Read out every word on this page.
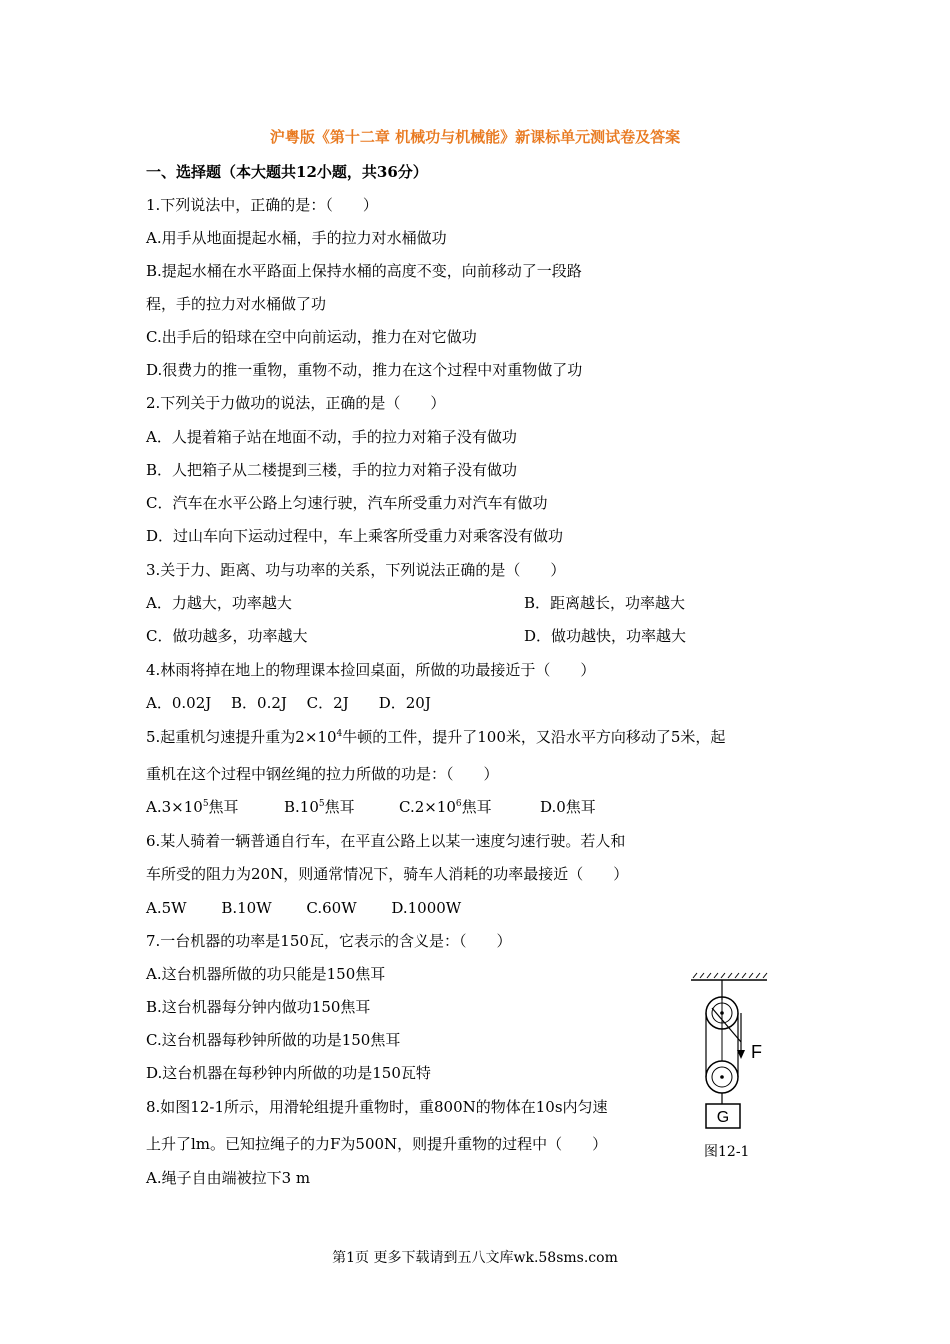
沪粤版《第十二章 机械功与机械能》新课标单元测试卷及答案
一、选择题（本大题共12小题，共36分）
1.下列说法中，正确的是：（　　）
A.用手从地面提起水桶，手的拉力对水桶做功
B.提起水桶在水平路面上保持水桶的高度不变，向前移动了一段路
程，手的拉力对水桶做了功
C.出手后的铅球在空中向前运动，推力在对它做功
D.很费力的推一重物，重物不动，推力在这个过程中对重物做了功
2.下列关于力做功的说法，正确的是（　　）
A．人提着箱子站在地面不动，手的拉力对箱子没有做功
B．人把箱子从二楼提到三楼，手的拉力对箱子没有做功
C．汽车在水平公路上匀速行驶，汽车所受重力对汽车有做功
D．过山车向下运动过程中，车上乘客所受重力对乘客没有做功
3.关于力、距离、功与功率的关系，下列说法正确的是（　　）
A．力越大，功率越大	B．距离越长，功率越大
C．做功越多，功率越大	D．做功越快，功率越大
4.林雨将掉在地上的物理课本捡回桌面，所做的功最接近于（　　）
A．0.02J　 B．0.2J　 C．2J　　D．20J
5.起重机匀速提升重为$2\times 10^4$牛顿的工件，提升了100米，又沿水平方向移动了5米，起
重机在这个过程中钢丝绳的拉力所做的功是：（　　）
$A.3\times 10^5$焦耳	$B.10^5$焦耳	$C.2\times 10^6$焦耳	D.0焦耳
6.某人骑着一辆普通自行车，在平直公路上以某一速度匀速行驶。若人和
车所受的阻力为20N，则通常情况下，骑车人消耗的功率最接近（　　）
A.5W　　 B.10W　　 C.60W　　 D.1000W
7.一台机器的功率是150瓦，它表示的含义是：（　　）
A.这台机器所做的功只能是150焦耳
B.这台机器每分钟内做功150焦耳
C.这台机器每秒钟所做的功是150焦耳
D.这台机器在每秒钟内所做的功是150瓦特
8.如图12-1所示，用滑轮组提升重物时，重800N的物体在10s内匀速
上升了lm。已知拉绳子的力F为500N，则提升重物的过程中（　　）
A.绳子自由端被拉下3 m
F
G
图12-1
第1页 更多下载请到五八文库wk.58sms.com
